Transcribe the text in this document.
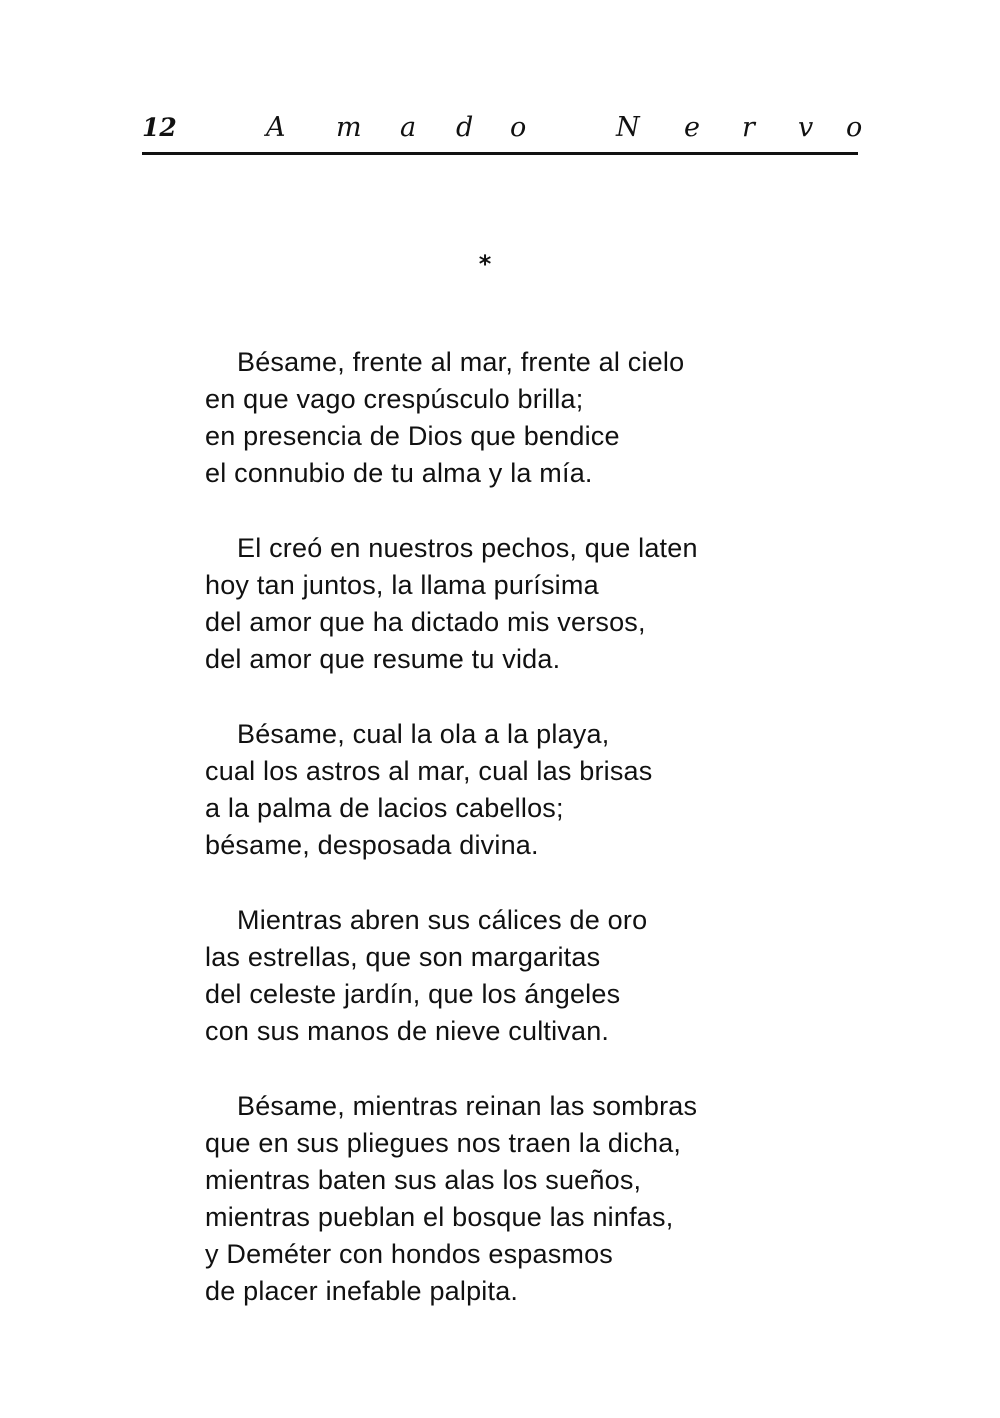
12	A m a d o	N e r v o
*
Bésame, frente al mar, frente al cielo
en que vago crespúsculo brilla;
en presencia de Dios que bendice
el connubio de tu alma y la mía.
El creó en nuestros pechos, que laten
hoy tan juntos, la llama purísima
del amor que ha dictado mis versos,
del amor que resume tu vida.
Bésame, cual la ola a la playa,
cual los astros al mar, cual las brisas
a la palma de lacios cabellos;
bésame, desposada divina.
Mientras abren sus cálices de oro
las estrellas, que son margaritas
del celeste jardín, que los ángeles
con sus manos de nieve cultivan.
Bésame, mientras reinan las sombras
que en sus pliegues nos traen la dicha,
mientras baten sus alas los sueños,
mientras pueblan el bosque las ninfas,
y Deméter con hondos espasmos
de placer inefable palpita.
